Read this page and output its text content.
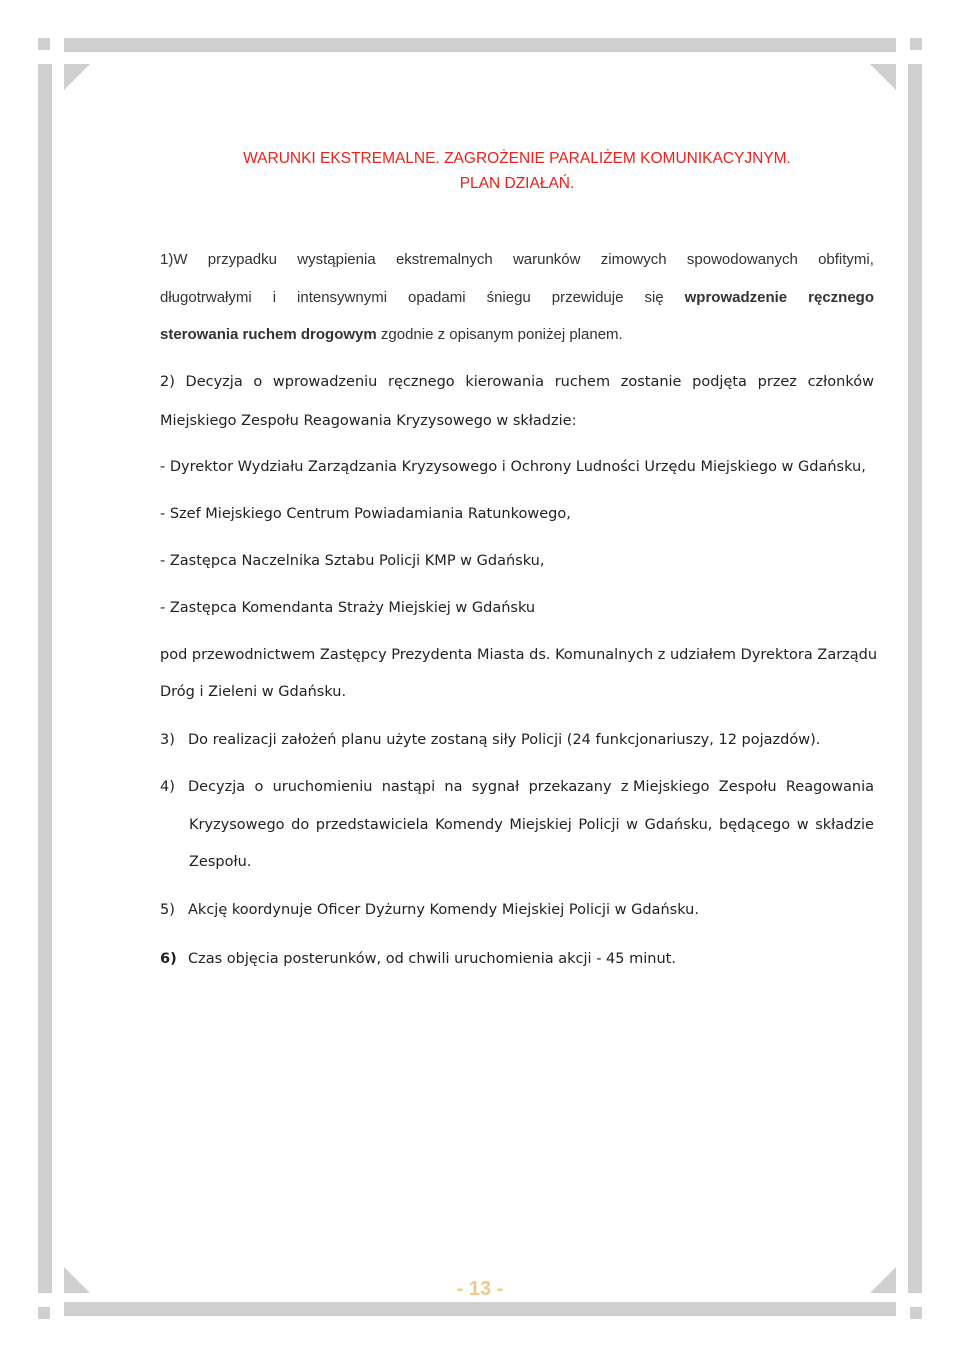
WARUNKI EKSTREMALNE. ZAGROŻENIE PARALIŻEM KOMUNIKACYJNYM.
PLAN DZIAŁAŃ.
1)W przypadku wystąpienia ekstremalnych warunków zimowych spowodowanych obfitymi,
długotrwałymi i intensywnymi opadami śniegu przewiduje się wprowadzenie ręcznego
sterowania ruchem drogowym zgodnie z opisanym poniżej planem.
2) Decyzja o wprowadzeniu ręcznego kierowania ruchem zostanie podjęta przez członków
Miejskiego Zespołu Reagowania Kryzysowego w składzie:
- Dyrektor Wydziału Zarządzania Kryzysowego i Ochrony Ludności Urzędu Miejskiego w Gdańsku,
- Szef Miejskiego Centrum Powiadamiania Ratunkowego,
- Zastępca Naczelnika Sztabu Policji KMP w Gdańsku,
- Zastępca Komendanta Straży Miejskiej w Gdańsku
pod przewodnictwem Zastępcy Prezydenta Miasta ds. Komunalnych z udziałem Dyrektora Zarządu
Dróg i Zieleni w Gdańsku.
3) Do realizacji założeń planu użyte zostaną siły Policji (24 funkcjonariuszy, 12 pojazdów).
4) Decyzja o uruchomieniu nastąpi na sygnał przekazany z Miejskiego Zespołu Reagowania
Kryzysowego do przedstawiciela Komendy Miejskiej Policji w Gdańsku, będącego w składzie
Zespołu.
5) Akcję koordynuje Oficer Dyżurny Komendy Miejskiej Policji w Gdańsku.
6) Czas objęcia posterunków, od chwili uruchomienia akcji - 45 minut.
- 13 -
